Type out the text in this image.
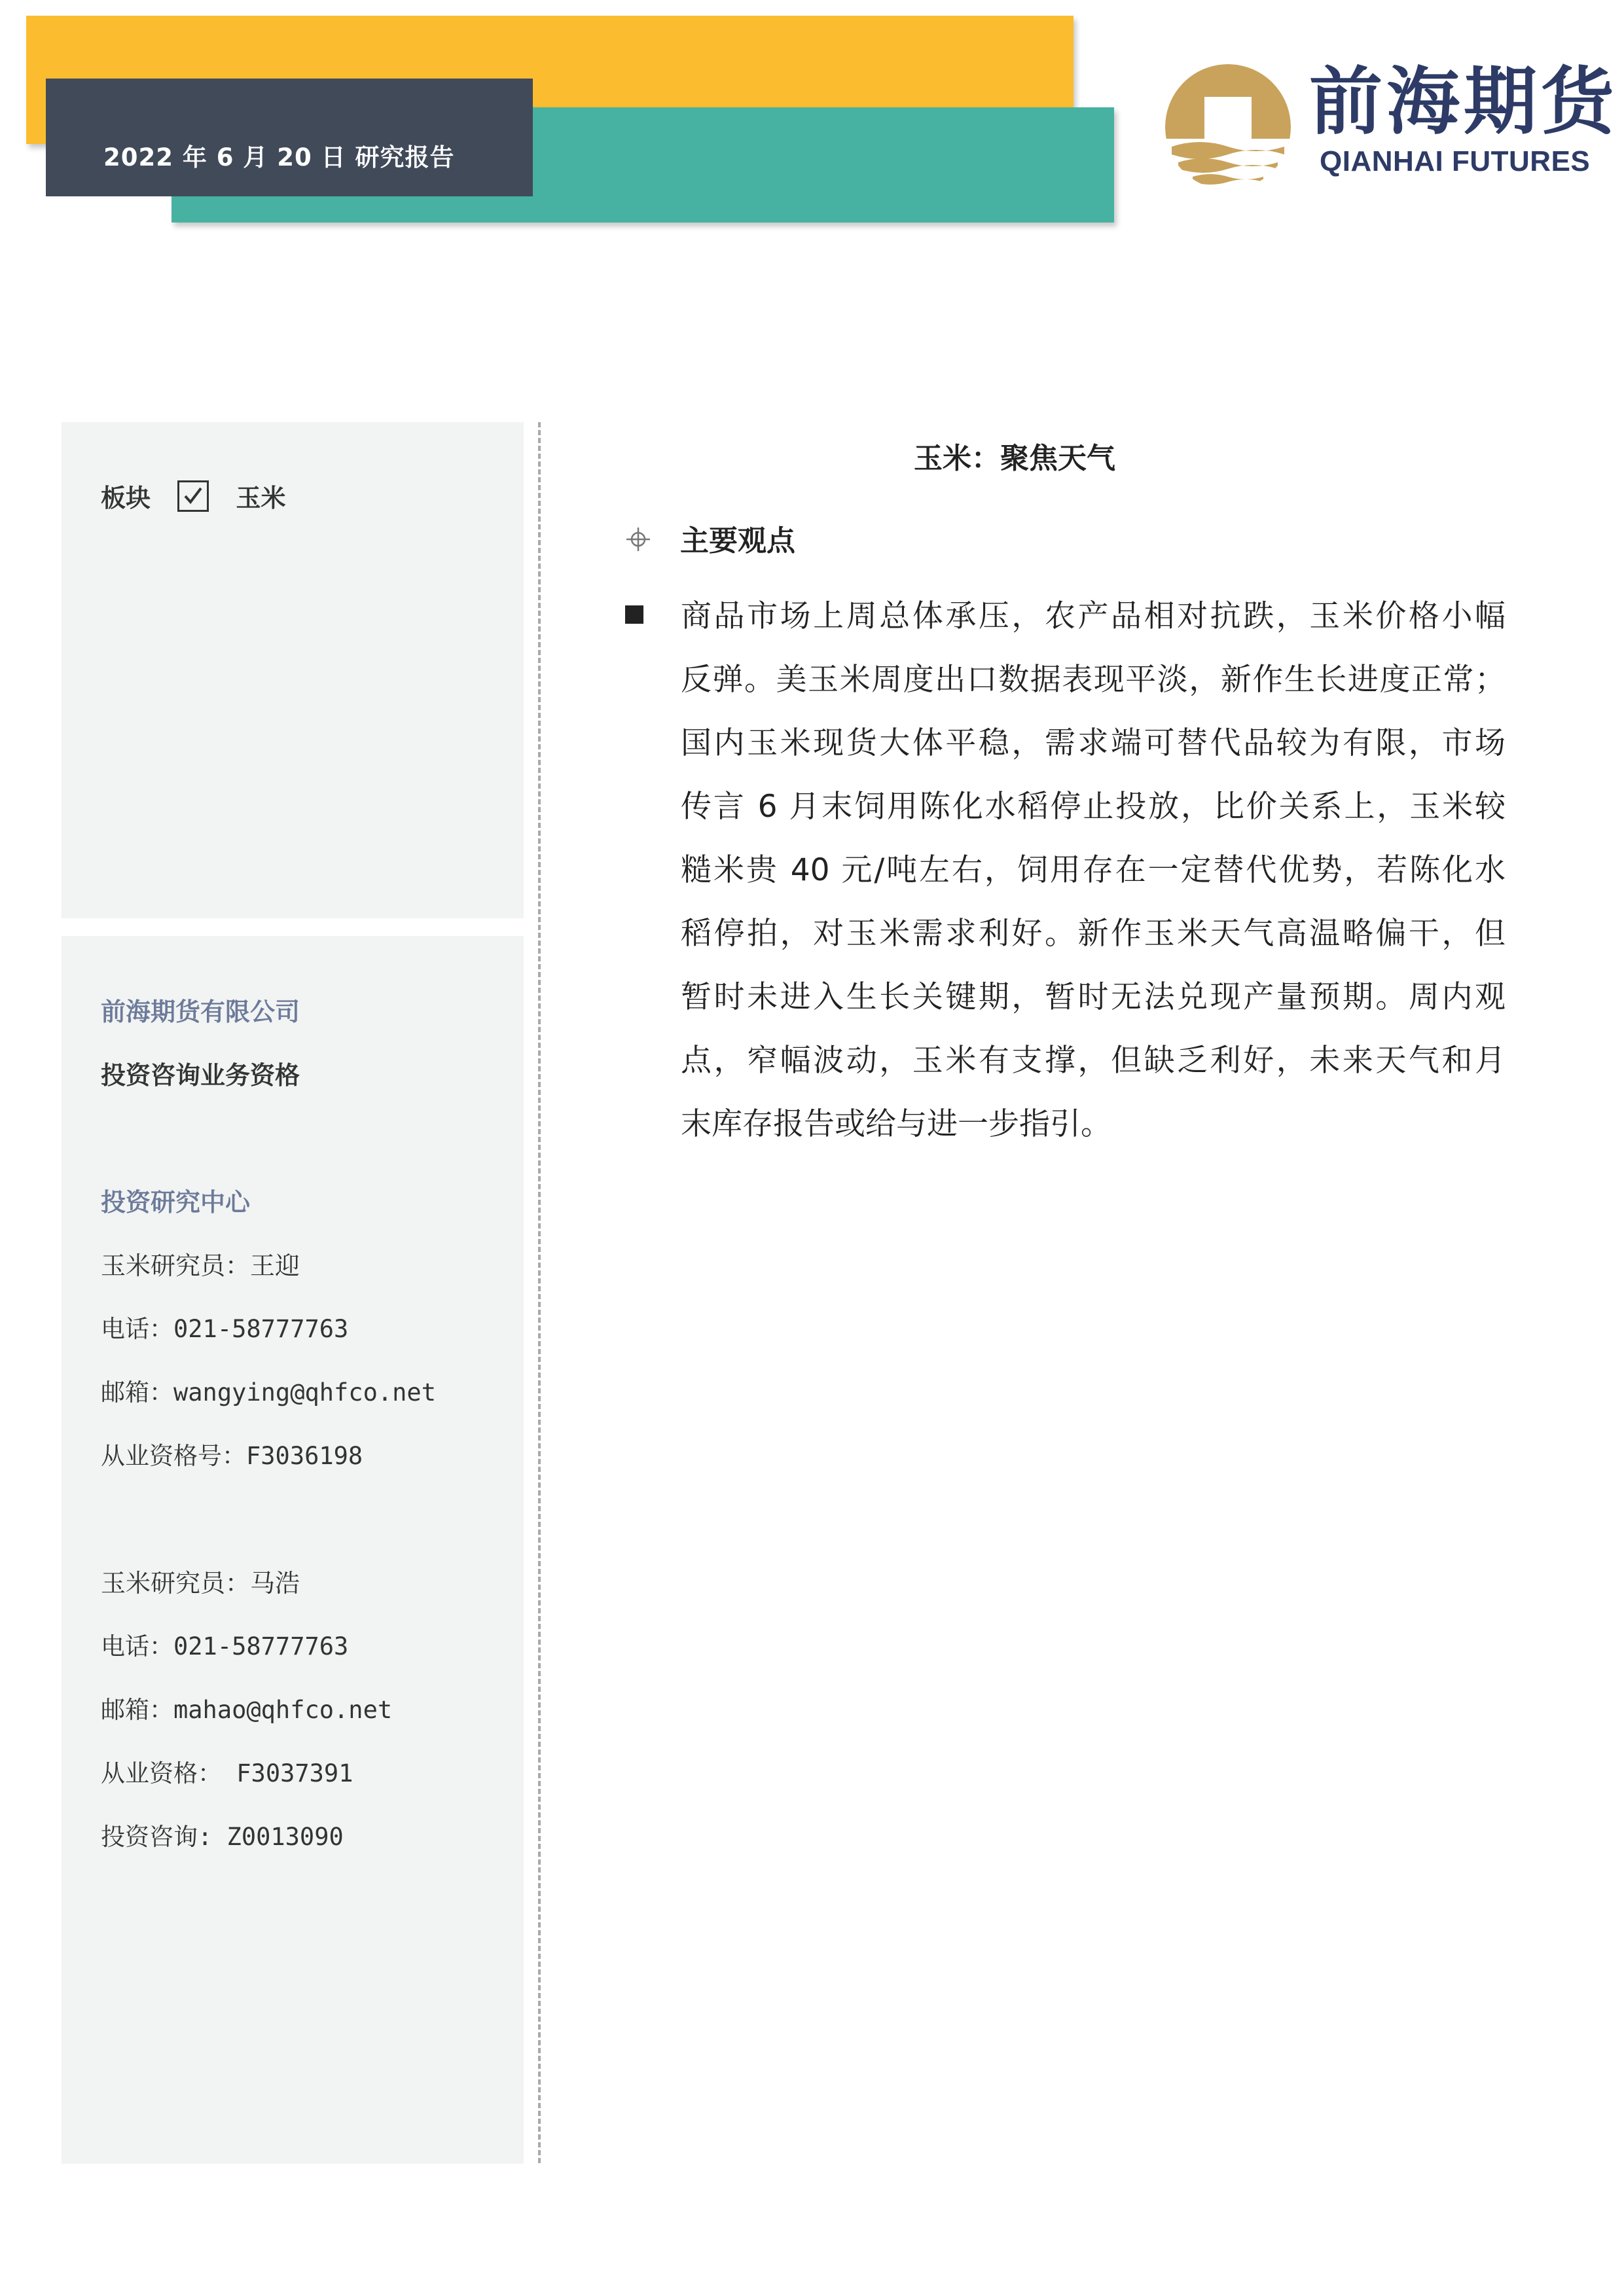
2022 年 6 月 20 日 研究报告
前海期货
QIANHAI FUTURES
板块	玉米
前海期货有限公司
投资咨询业务资格
投资研究中心
玉米研究员：王迎
电话：021-58777763
邮箱：wangying@qhfco.net
从业资格号：F3036198
玉米研究员：马浩
电话：021-58777763
邮箱：mahao@qhfco.net
从业资格： F3037391
投资咨询: Z0013090
玉米：聚焦天气
主要观点
商品市场上周总体承压，农产品相对抗跌，玉米价格小幅
反弹。美玉米周度出口数据表现平淡，新作生长进度正常；
国内玉米现货大体平稳，需求端可替代品较为有限，市场
传言 6 月末饲用陈化水稻停止投放，比价关系上，玉米较
糙米贵 40 元/吨左右，饲用存在一定替代优势，若陈化水
稻停拍，对玉米需求利好。新作玉米天气高温略偏干，但
暂时未进入生长关键期，暂时无法兑现产量预期。周内观
点，窄幅波动，玉米有支撑，但缺乏利好，未来天气和月
末库存报告或给与进一步指引。
